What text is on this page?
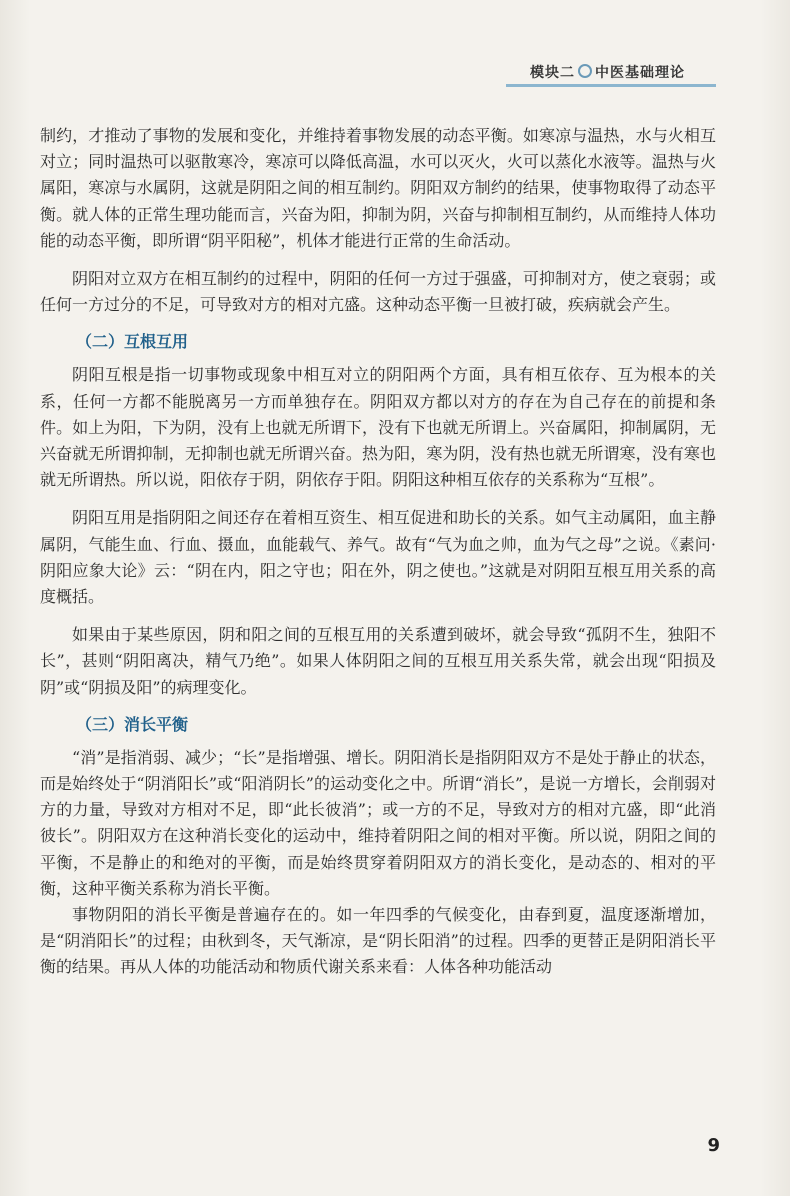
模块二 中医基础理论

制约，才推动了事物的发展和变化，并维持着事物发展的动态平衡。如寒凉与温热，水与火相互对立；同时温热可以驱散寒冷，寒凉可以降低高温，水可以灭火，火可以蒸化水液等。温热与火属阳，寒凉与水属阴，这就是阴阳之间的相互制约。阴阳双方制约的结果，使事物取得了动态平衡。就人体的正常生理功能而言，兴奋为阳，抑制为阴，兴奋与抑制相互制约，从而维持人体功能的动态平衡，即所谓“阴平阳秘”，机体才能进行正常的生命活动。

阴阳对立双方在相互制约的过程中，阴阳的任何一方过于强盛，可抑制对方，使之衰弱；或任何一方过分的不足，可导致对方的相对亢盛。这种动态平衡一旦被打破，疾病就会产生。

（二）互根互用

阴阳互根是指一切事物或现象中相互对立的阴阳两个方面，具有相互依存、互为根本的关系，任何一方都不能脱离另一方而单独存在。阴阳双方都以对方的存在为自己存在的前提和条件。如上为阳，下为阴，没有上也就无所谓下，没有下也就无所谓上。兴奋属阳，抑制属阴，无兴奋就无所谓抑制，无抑制也就无所谓兴奋。热为阳，寒为阴，没有热也就无所谓寒，没有寒也就无所谓热。所以说，阳依存于阴，阴依存于阳。阴阳这种相互依存的关系称为“互根”。

阴阳互用是指阴阳之间还存在着相互资生、相互促进和助长的关系。如气主动属阳，血主静属阴，气能生血、行血、摄血，血能载气、养气。故有“气为血之帅，血为气之母”之说。《素问·阴阳应象大论》云：“阴在内，阳之守也；阳在外，阴之使也。”这就是对阴阳互根互用关系的高度概括。

如果由于某些原因，阴和阳之间的互根互用的关系遭到破坏，就会导致“孤阴不生，独阳不长”，甚则“阴阳离决，精气乃绝”。如果人体阴阳之间的互根互用关系失常，就会出现“阳损及阴”或“阴损及阳”的病理变化。

（三）消长平衡

“消”是指消弱、减少；“长”是指增强、增长。阴阳消长是指阴阳双方不是处于静止的状态，而是始终处于“阴消阳长”或“阳消阴长”的运动变化之中。所谓“消长”，是说一方增长，会削弱对方的力量，导致对方相对不足，即“此长彼消”；或一方的不足，导致对方的相对亢盛，即“此消彼长”。阴阳双方在这种消长变化的运动中，维持着阴阳之间的相对平衡。所以说，阴阳之间的平衡，不是静止的和绝对的平衡，而是始终贯穿着阴阳双方的消长变化，是动态的、相对的平衡，这种平衡关系称为消长平衡。

事物阴阳的消长平衡是普遍存在的。如一年四季的气候变化，由春到夏，温度逐渐增加，是“阴消阳长”的过程；由秋到冬，天气渐凉，是“阴长阳消”的过程。四季的更替正是阴阳消长平衡的结果。再从人体的功能活动和物质代谢关系来看：人体各种功能活动

9
